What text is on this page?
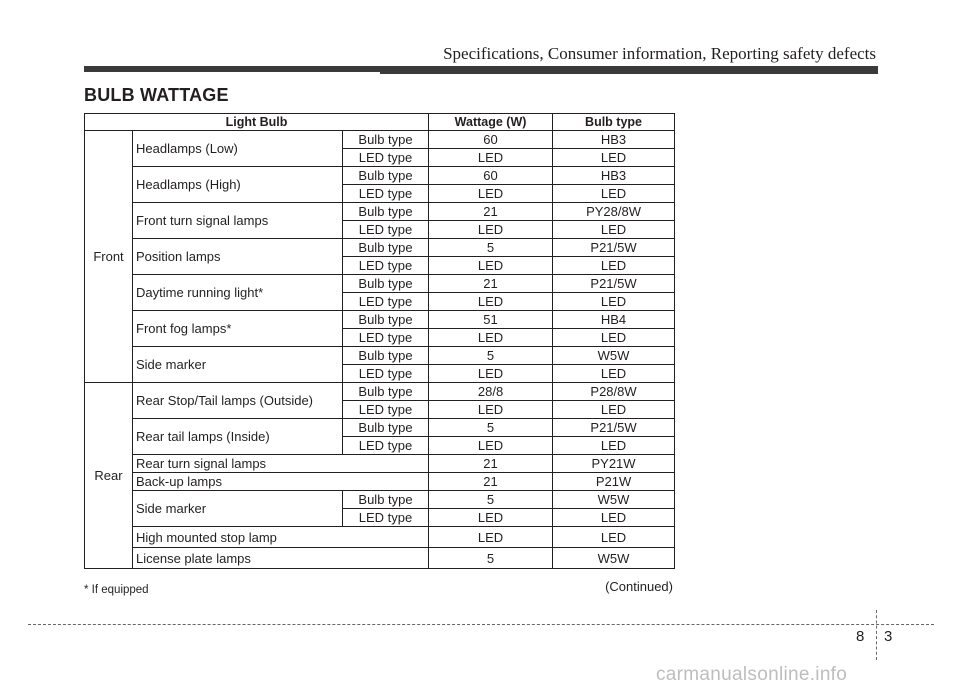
Specifications, Consumer information, Reporting safety defects
BULB WATTAGE
Light Bulb			Wattage (W)	Bulb type
Front	Headlamps (Low)	Bulb type	60	HB3
		LED type	LED	LED
	Headlamps (High)	Bulb type	60	HB3
		LED type	LED	LED
	Front turn signal lamps	Bulb type	21	PY28/8W
		LED type	LED	LED
	Position lamps	Bulb type	5	P21/5W
		LED type	LED	LED
	Daytime running light*	Bulb type	21	P21/5W
		LED type	LED	LED
	Front fog lamps*	Bulb type	51	HB4
		LED type	LED	LED
	Side marker	Bulb type	5	W5W
		LED type	LED	LED
Rear	Rear Stop/Tail lamps (Outside)	Bulb type	28/8	P28/8W
		LED type	LED	LED
	Rear tail lamps (Inside)	Bulb type	5	P21/5W
		LED type	LED	LED
	Rear turn signal lamps		21	PY21W
	Back-up lamps		21	P21W
	Side marker	Bulb type	5	W5W
		LED type	LED	LED
	High mounted stop lamp		LED	LED
	License plate lamps		5	W5W
* If equipped	(Continued)
8 3
carmanualsonline.info
